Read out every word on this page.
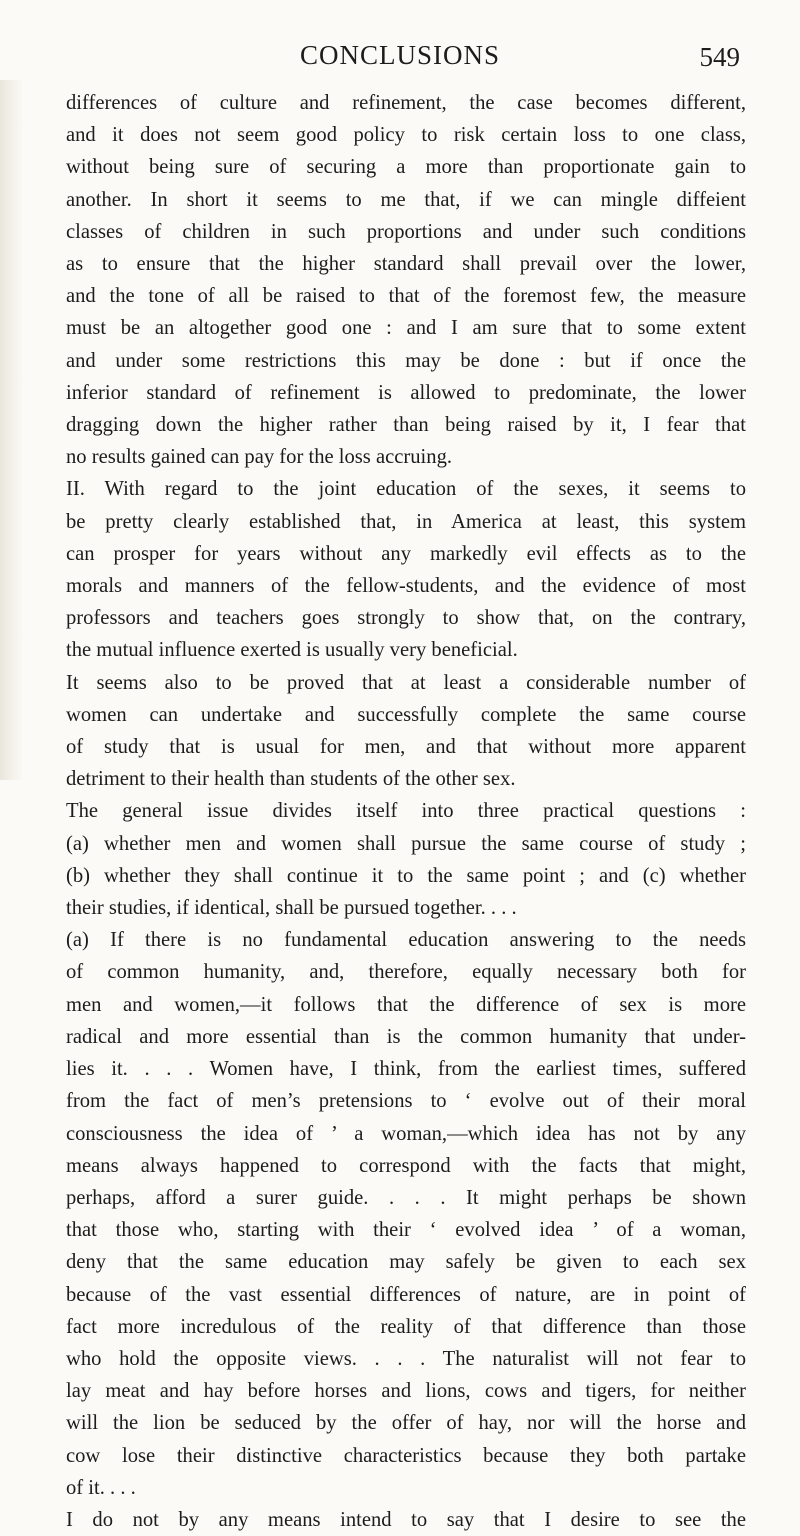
CONCLUSIONS	549
differences of culture and refinement, the case becomes different,
and it does not seem good policy to risk certain loss to one class,
without being sure of securing a more than proportionate gain to
another. In short it seems to me that, if we can mingle diffeient
classes of children in such proportions and under such conditions
as to ensure that the higher standard shall prevail over the lower,
and the tone of all be raised to that of the foremost few, the measure
must be an altogether good one : and I am sure that to some extent
and under some restrictions this may be done : but if once the
inferior standard of refinement is allowed to predominate, the lower
dragging down the higher rather than being raised by it, I fear that
no results gained can pay for the loss accruing.
II. With regard to the joint education of the sexes, it seems to
be pretty clearly established that, in America at least, this system
can prosper for years without any markedly evil effects as to the
morals and manners of the fellow-students, and the evidence of most
professors and teachers goes strongly to show that, on the contrary,
the mutual influence exerted is usually very beneficial.
It seems also to be proved that at least a considerable number of
women can undertake and successfully complete the same course
of study that is usual for men, and that without more apparent
detriment to their health than students of the other sex.
The general issue divides itself into three practical questions :
(a) whether men and women shall pursue the same course of study ;
(b) whether they shall continue it to the same point ; and (c) whether
their studies, if identical, shall be pursued together. . . .
(a) If there is no fundamental education answering to the needs
of common humanity, and, therefore, equally necessary both for
men and women,—it follows that the difference of sex is more
radical and more essential than is the common humanity that under-
lies it. . . . Women have, I think, from the earliest times, suffered
from the fact of men’s pretensions to ‘ evolve out of their moral
consciousness the idea of ’ a woman,—which idea has not by any
means always happened to correspond with the facts that might,
perhaps, afford a surer guide. . . . It might perhaps be shown
that those who, starting with their ‘ evolved idea ’ of a woman,
deny that the same education may safely be given to each sex
because of the vast essential differences of nature, are in point of
fact more incredulous of the reality of that difference than those
who hold the opposite views. . . . The naturalist will not fear to
lay meat and hay before horses and lions, cows and tigers, for neither
will the lion be seduced by the offer of hay, nor will the horse and
cow lose their distinctive characteristics because they both partake
of it. . . .
I do not by any means intend to say that I desire to see the
